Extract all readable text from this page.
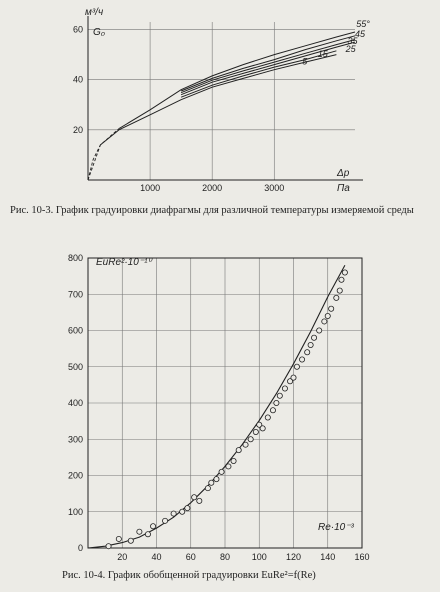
1000	2000	3000
20
40
60
5
15
25
35
45
55°
м³/ч
G₀
Δp
Па
Рис. 10-3. График градуировки диафрагмы для различной температуры измеряемой среды
20	40	60	80 100 120 140 160
100
200
300
400
500
600
700
800
0
EuRe²·10⁻¹⁰
Re·10⁻³
Рис. 10-4. График обобщенной градуировки EuRe²=f(Re)
